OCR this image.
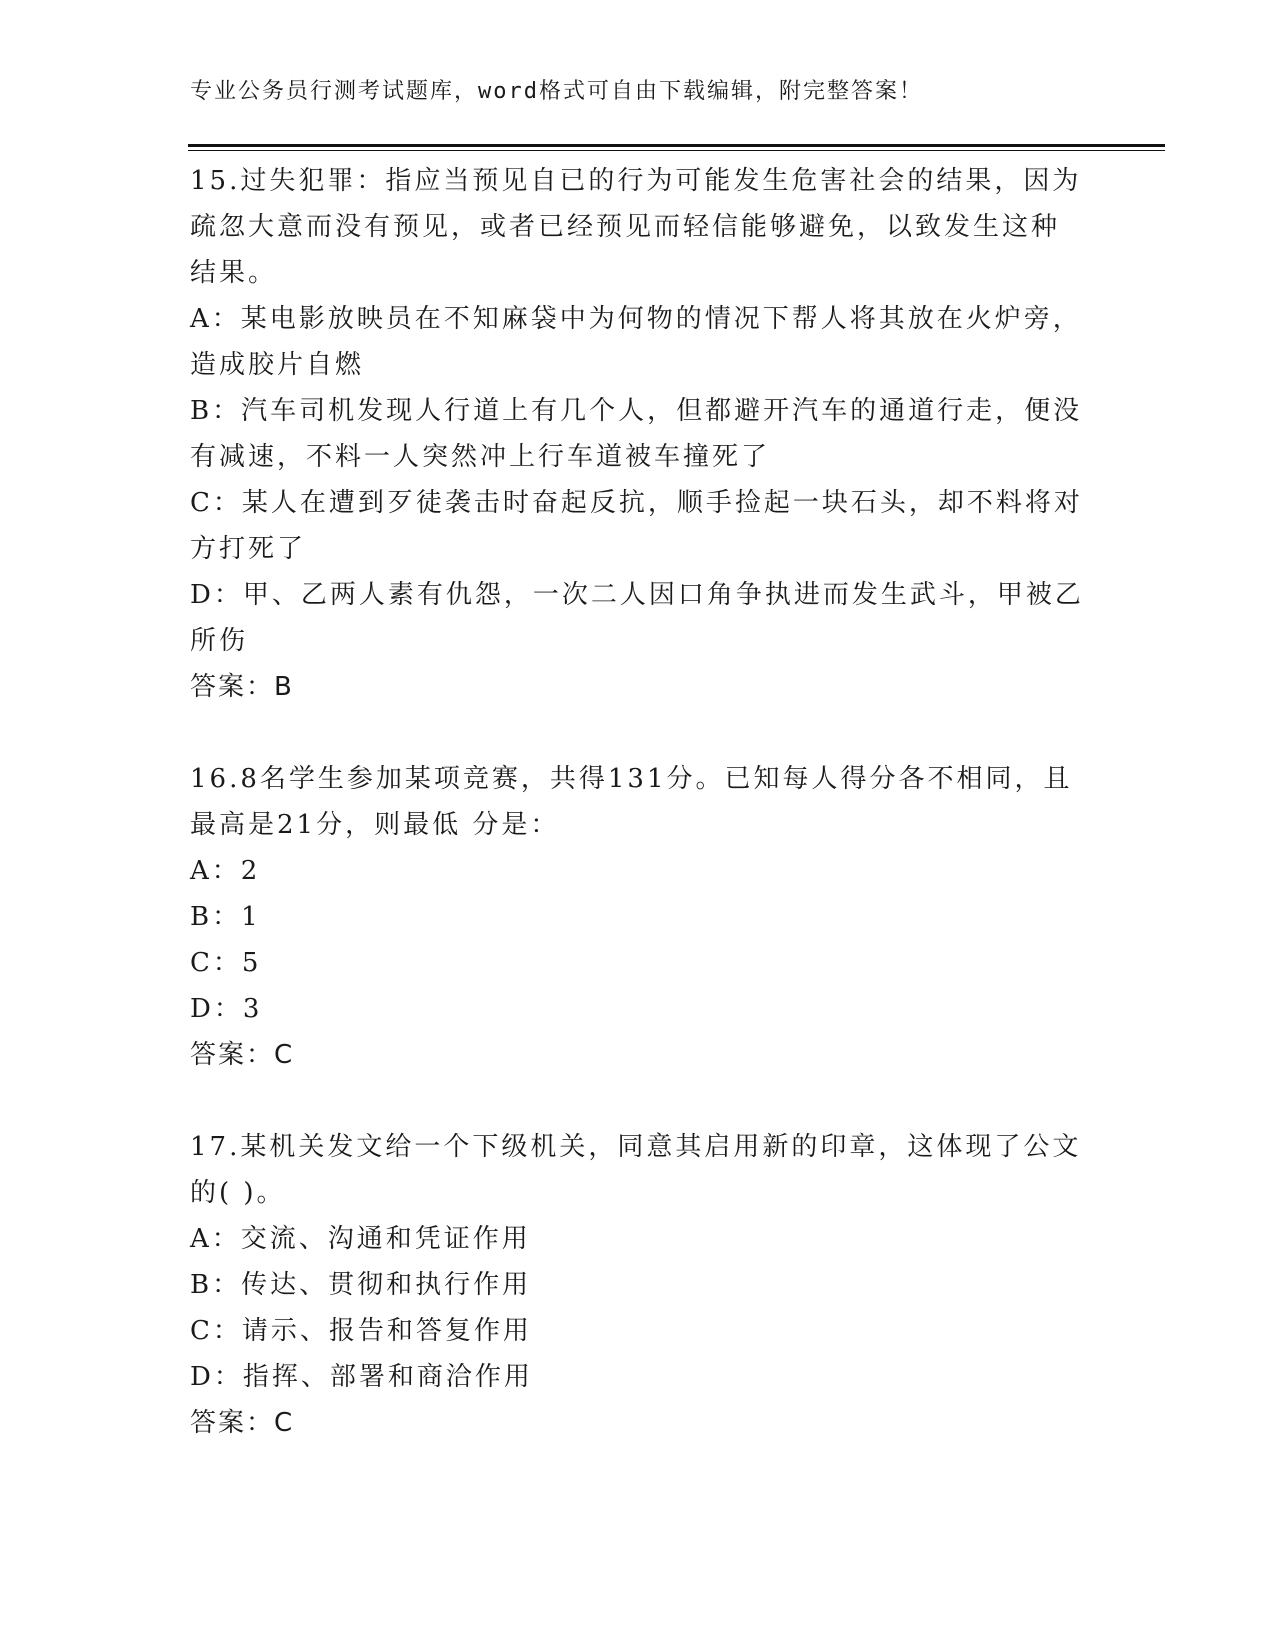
专业公务员行测考试题库，word格式可自由下载编辑，附完整答案！
15.过失犯罪：指应当预见自已的行为可能发生危害社会的结果，因为
疏忽大意而没有预见，或者已经预见而轻信能够避免，以致发生这种
结果。
A：某电影放映员在不知麻袋中为何物的情况下帮人将其放在火炉旁，
造成胶片自燃
B：汽车司机发现人行道上有几个人，但都避开汽车的通道行走，便没
有减速，不料一人突然冲上行车道被车撞死了
C：某人在遭到歹徒袭击时奋起反抗，顺手捡起一块石头，却不料将对
方打死了
D：甲、乙两人素有仇怨，一次二人因口角争执进而发生武斗，甲被乙
所伤
答案：B
16.8名学生参加某项竞赛，共得131分。已知每人得分各不相同，且
最高是21分，则最低 分是：
A：2
B：1
C：5
D：3
答案：C
17.某机关发文给一个下级机关，同意其启用新的印章，这体现了公文
的( )。
A：交流、沟通和凭证作用
B：传达、贯彻和执行作用
C：请示、报告和答复作用
D：指挥、部署和商洽作用
答案：C
